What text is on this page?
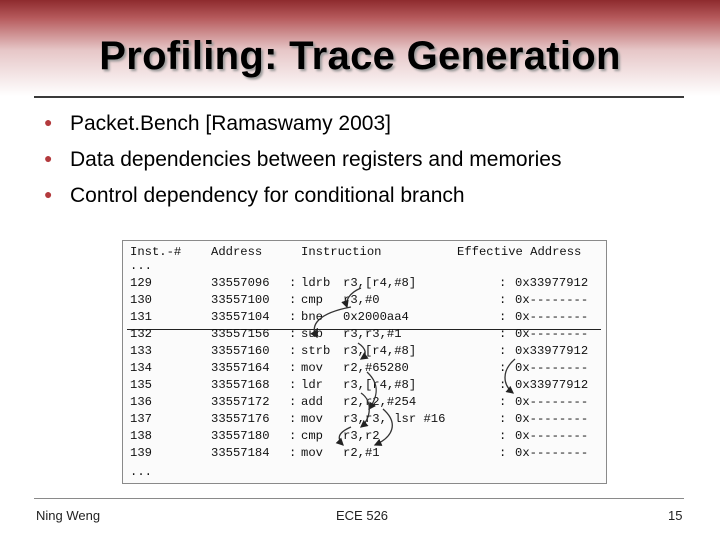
Profiling: Trace Generation
● Packet.Bench [Ramaswamy 2003]
● Data dependencies between registers and memories
● Control dependency for conditional branch
Inst.-# Address	Instruction	Effective Address
...
...
129	33557096 : ldrb r3,[r4,#8]	: 0x33977912
130	33557100 : cmp r3,#0	: 0x--------
131	33557104 : bne 0x2000aa4	: 0x--------
132	33557156 : sub r3,r3,#1	: 0x--------
133	33557160 : strb r3,[r4,#8]	: 0x33977912
134	33557164 : mov r2,#65280	: 0x--------
135	33557168 : ldr r3,[r4,#8]	: 0x33977912
136	33557172 : add r2,r2,#254	: 0x--------
137	33557176 : mov r3,r3, lsr #16	: 0x--------
138	33557180 : cmp r3,r2	: 0x--------
139	33557184 : mov r2,#1	: 0x--------
Ning Weng	ECE 526	15
